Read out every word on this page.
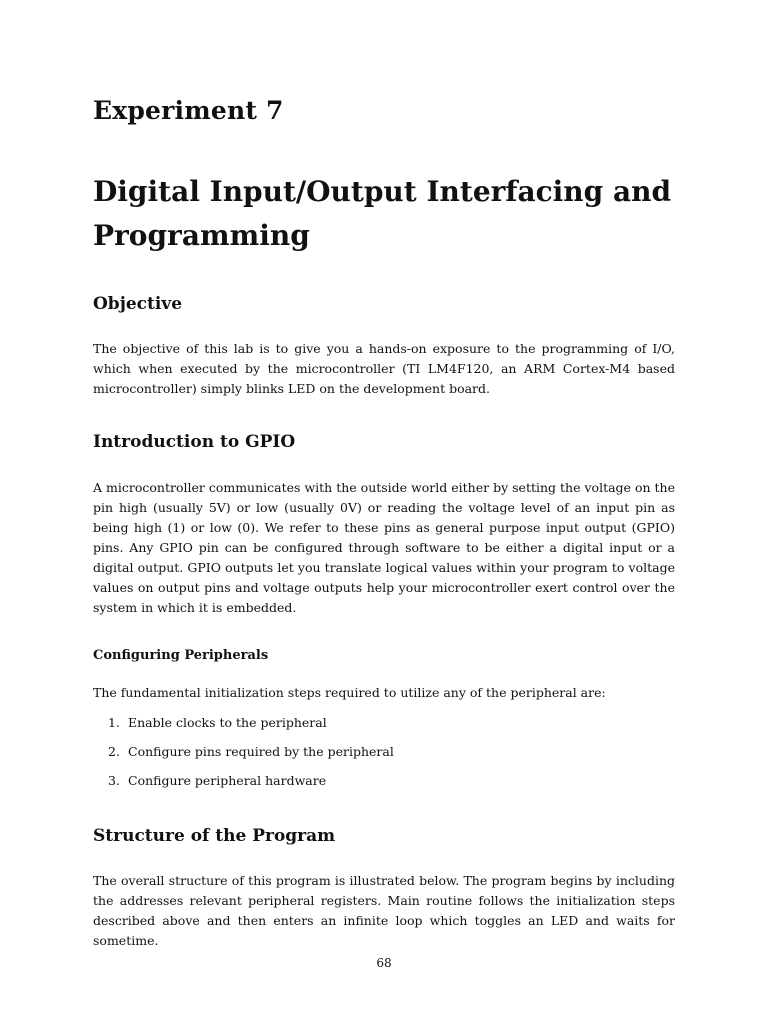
Experiment 7
Digital Input/Output Interfacing and Programming
Objective

The objective of this lab is to give you a hands-on exposure to the programming of I/O, which when executed by the microcontroller (TI LM4F120, an ARM Cortex-M4 based microcontroller) simply blinks LED on the development board.

Introduction to GPIO

A microcontroller communicates with the outside world either by setting the voltage on the pin high (usually 5V) or low (usually 0V) or reading the voltage level of an input pin as being high (1) or low (0). We refer to these pins as general purpose input output (GPIO) pins. Any GPIO pin can be configured through software to be either a digital input or a digital output. GPIO outputs let you translate logical values within your program to voltage values on output pins and voltage outputs help your microcontroller exert control over the system in which it is embedded.

Configuring Peripherals

The fundamental initialization steps required to utilize any of the peripheral are:

1. Enable clocks to the peripheral
2. Configure pins required by the peripheral
3. Configure peripheral hardware
Structure of the Program

The overall structure of this program is illustrated below. The program begins by including the addresses relevant peripheral registers. Main routine follows the initialization steps described above and then enters an infinite loop which toggles an LED and waits for sometime.

68
